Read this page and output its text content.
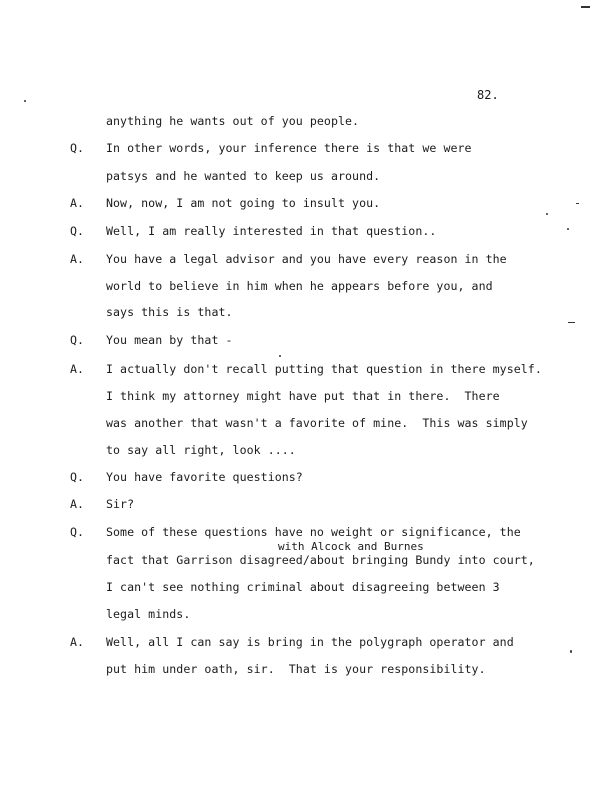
82.
anything he wants out of you people.
Q. In other words, your inference there is that we were
patsys and he wanted to keep us around.
A. Now, now, I am not going to insult you.
Q. Well, I am really interested in that question..
A. You have a legal advisor and you have every reason in the
world to believe in him when he appears before you, and
says this is that.
Q. You mean by that -
A. I actually don't recall putting that question in there myself.
I think my attorney might have put that in there.  There
was another that wasn't a favorite of mine.  This was simply
to say all right, look ....
Q. You have favorite questions?
A. Sir?
Q. Some of these questions have no weight or significance, the
with Alcock and Burnes
fact that Garrison disagreed/about bringing Bundy into court,
I can't see nothing criminal about disagreeing between 3
legal minds.
A. Well, all I can say is bring in the polygraph operator and
put him under oath, sir.  That is your responsibility.
